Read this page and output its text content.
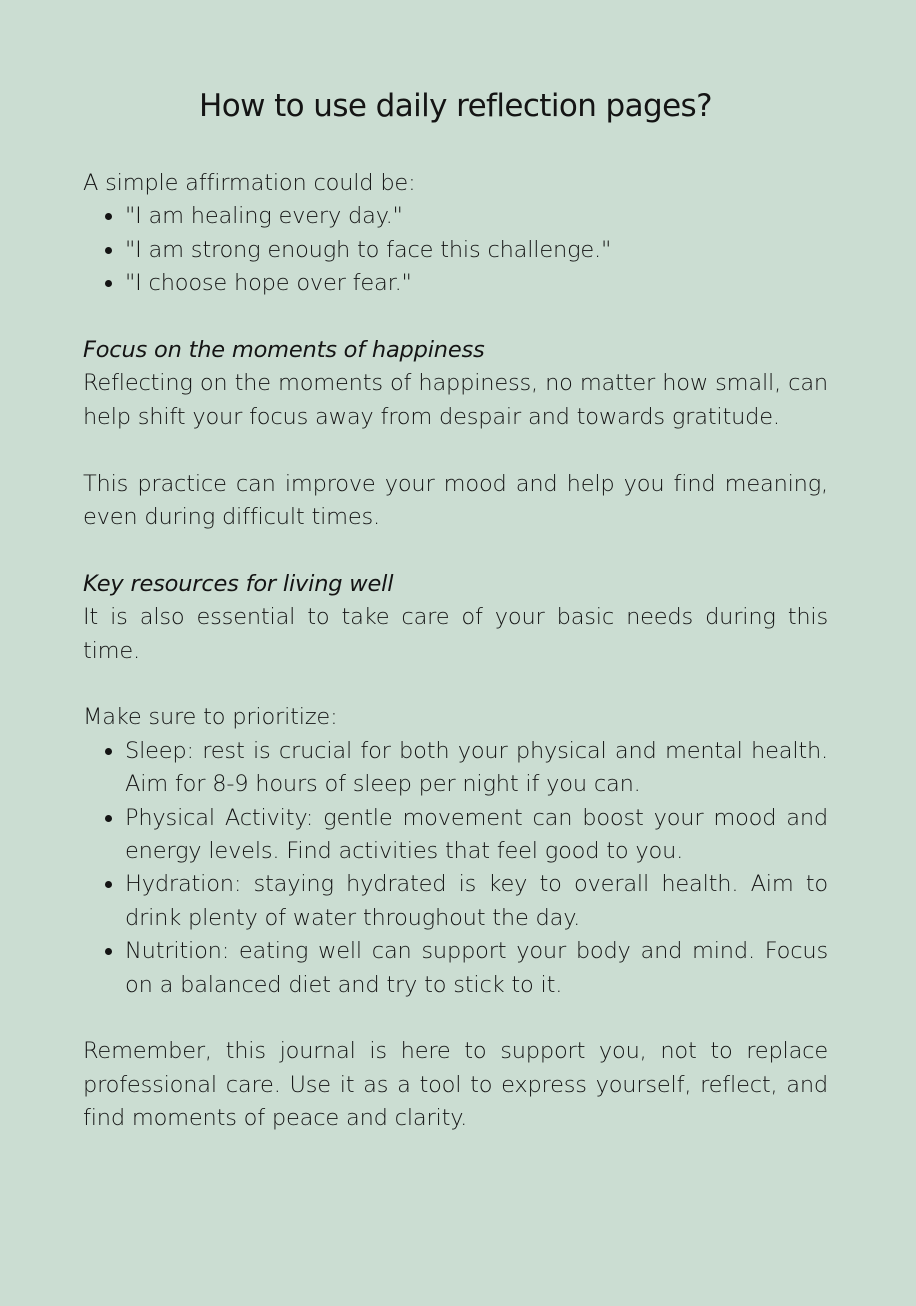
How to use daily reflection pages?

A simple affirmation could be:

• "I am healing every day."
• "I am strong enough to face this challenge."
• "I choose hope over fear."

Focus on the moments of happiness

Reflecting on the moments of happiness, no matter how small, can help shift your focus away from despair and towards gratitude.

This practice can improve your mood and help you find meaning, even during difficult times.

Key resources for living well

It is also essential to take care of your basic needs during this time.

Make sure to prioritize:

• Sleep: rest is crucial for both your physical and mental health. Aim for 8-9 hours of sleep per night if you can.
• Physical Activity: gentle movement can boost your mood and energy levels. Find activities that feel good to you.
• Hydration: staying hydrated is key to overall health. Aim to drink plenty of water throughout the day.
• Nutrition: eating well can support your body and mind. Focus on a balanced diet and try to stick to it.

Remember, this journal is here to support you, not to replace professional care. Use it as a tool to express yourself, reflect, and find moments of peace and clarity.
